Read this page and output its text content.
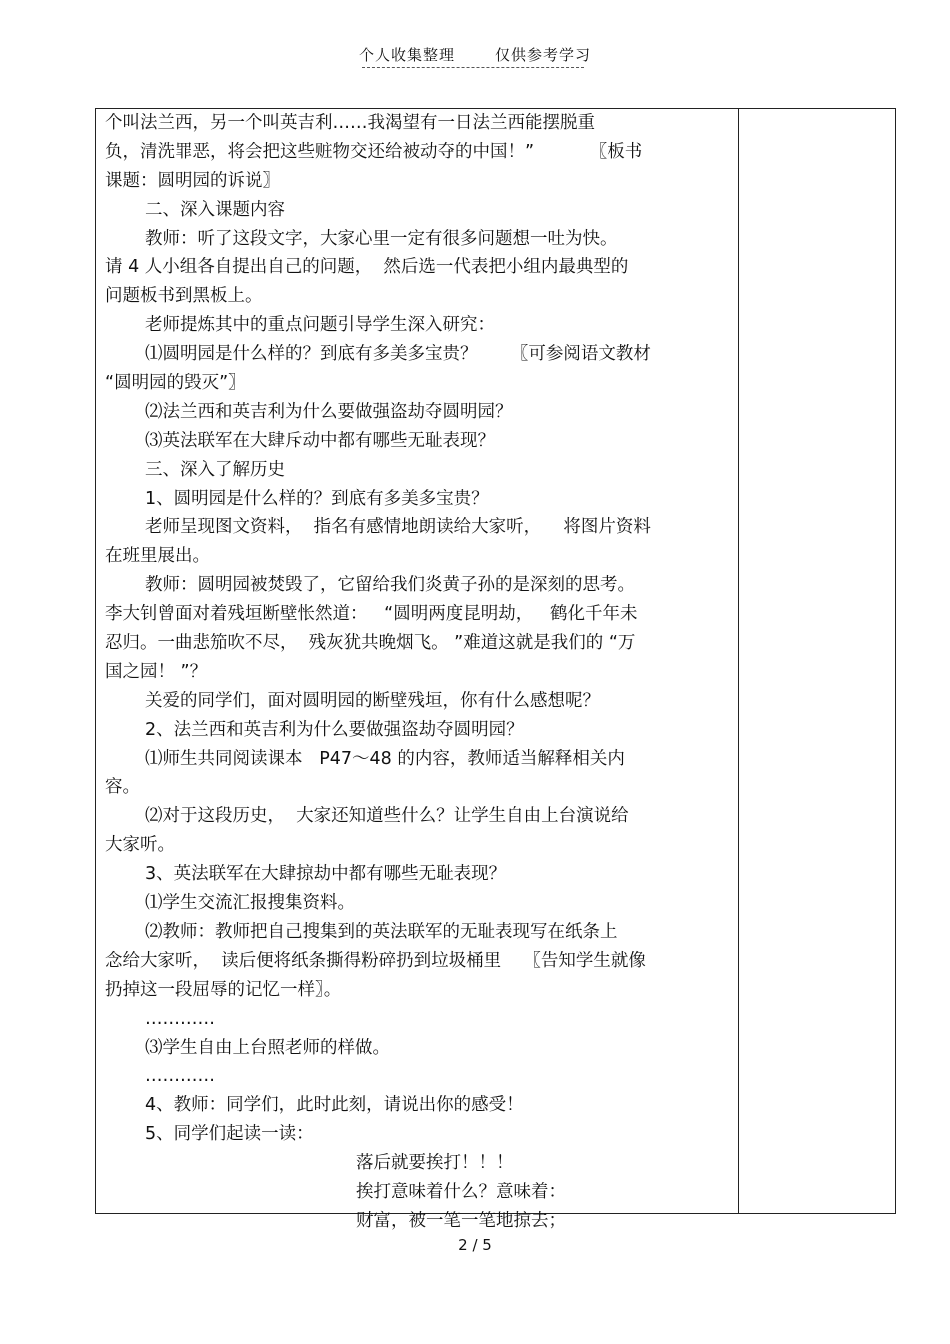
个人收集整理	仅供参考学习
个叫法兰西，另一个叫英吉利……我渴望有一日法兰西能摆脱重
负，清洗罪恶，将会把这些赃物交还给被动夺的中国！”          〖板书
课题：圆明园的诉说〗
二、深入课题内容
教师：听了这段文字，大家心里一定有很多问题想一吐为快。
请 4 人小组各自提出自己的问题，  然后选一代表把小组内最典型的
问题板书到黑板上。
老师提炼其中的重点问题引导学生深入研究：
⑴圆明园是什么样的？到底有多美多宝贵？      〖可参阅语文教材
“圆明园的毁灭”〗
⑵法兰西和英吉利为什么要做强盗劫夺圆明园？
⑶英法联军在大肆斥动中都有哪些无耻表现？
三、深入了解历史
1、圆明园是什么样的？到底有多美多宝贵？
老师呈现图文资料，  指名有感情地朗读给大家听，    将图片资料
在班里展出。
教师：圆明园被焚毁了，它留给我们炎黄子孙的是深刻的思考。
李大钊曾面对着残垣断壁怅然道：   “圆明两度昆明劫，   鹤化千年未
忍归。一曲悲笳吹不尽，  残灰犹共晚烟飞。 ”难道这就是我们的 “万
国之园！ ”？
关爱的同学们，面对圆明园的断壁残垣，你有什么感想呢？
2、法兰西和英吉利为什么要做强盗劫夺圆明园？
⑴师生共同阅读课本   P47～48 的内容，教师适当解释相关内
容。
⑵对于这段历史，  大家还知道些什么？让学生自由上台演说给
大家听。
3、英法联军在大肆掠劫中都有哪些无耻表现？
⑴学生交流汇报搜集资料。
⑵教师：教师把自己搜集到的英法联军的无耻表现写在纸条上
念给大家听，  读后便将纸条撕得粉碎扔到垃圾桶里    〖告知学生就像
扔掉这一段屈辱的记忆一样〗。
…………
⑶学生自由上台照老师的样做。
…………
4、教师：同学们，此时此刻，请说出你的感受！
5、同学们起读一读：
落后就要挨打！！！
挨打意味着什么？意味着：
财富，被一笔一笔地掠去；
2 / 5
